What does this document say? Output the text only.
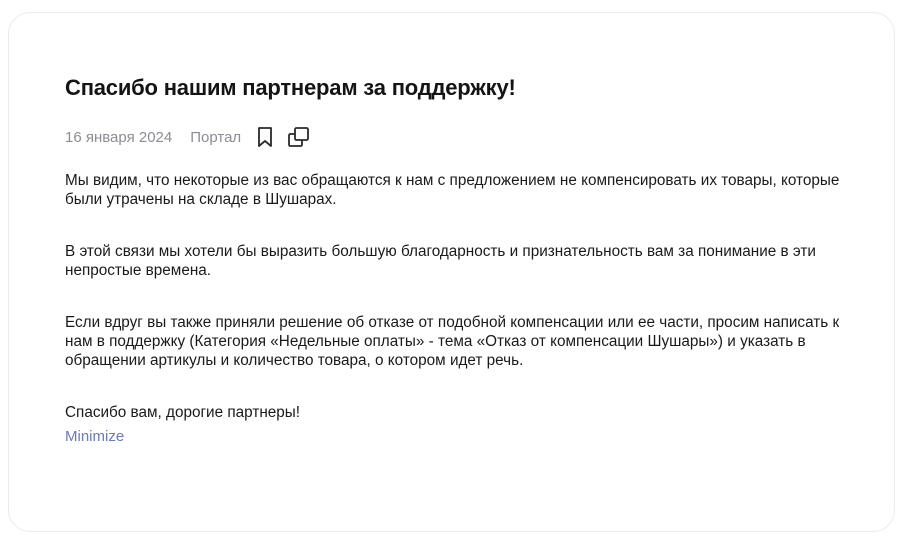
Спасибо нашим партнерам за поддержку!
16 января 2024 Портал

Мы видим, что некоторые из вас обращаются к нам с предложением не компенсировать их товары, которые были утрачены на складе в Шушарах.

В этой связи мы хотели бы выразить большую благодарность и признательность вам за понимание в эти непростые времена.

Если вдруг вы также приняли решение об отказе от подобной компенсации или ее части, просим написать к нам в поддержку (Категория «Недельные оплаты» - тема «Отказ от компенсации Шушары») и указать в обращении артикулы и количество товара, о котором идет речь.

Спасибо вам, дорогие партнеры!

Minimize
